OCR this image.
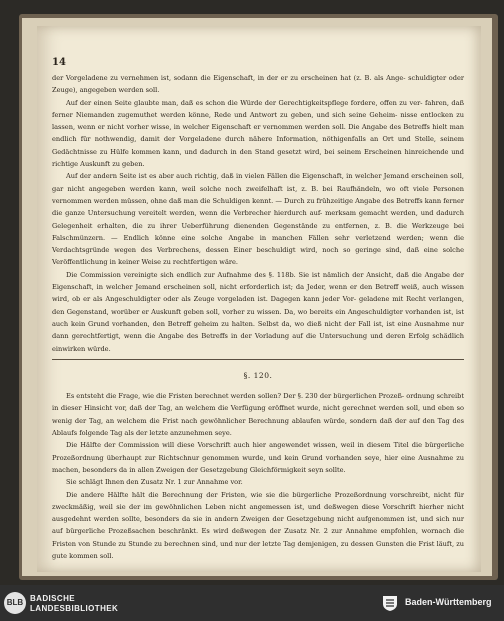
14

der Vorgeladene zu vernehmen ist, sodann die Eigenschaft, in der er zu erscheinen hat (z. B. als Ange- schuldigter oder Zeuge), angegeben werden soll.

Auf der einen Seite glaubte man, daß es schon die Würde der Gerechtigkeitspflege fordere, offen zu ver- fahren, daß ferner Niemanden zugemuthet werden könne, Rede und Antwort zu geben, und sich seine Geheim- nisse entlocken zu lassen, wenn er nicht vorher wisse, in welcher Eigenschaft er vernommen werden soll. Die Angabe des Betreffs hielt man endlich für nothwendig, damit der Vorgeladene durch nähere Information, nöthigenfalls an Ort und Stelle, seinem Gedächtnisse zu Hülfe kommen kann, und dadurch in den Stand gesetzt wird, bei seinem Erscheinen hinreichende und richtige Auskunft zu geben.

Auf der andern Seite ist es aber auch richtig, daß in vielen Fällen die Eigenschaft, in welcher Jemand erscheinen soll, gar nicht angegeben werden kann, weil solche noch zweifelhaft ist, z. B. bei Raufhändeln, wo oft viele Personen vernommen werden müssen, ohne daß man die Schuldigen kennt. — Durch zu frühzeitige Angabe des Betreffs kann ferner die ganze Untersuchung vereitelt werden, wenn die Verbrecher hierdurch auf- merksam gemacht werden, und dadurch Gelegenheit erhalten, die zu ihrer Ueberführung dienenden Gegenstände zu entfernen, z. B. die Werkzeuge bei Falschmünzern. — Endlich könne eine solche Angabe in manchen Fällen sehr verletzend werden; wenn die Verdachtsgründe wegen des Verbrechens, dessen Einer beschuldigt wird, noch so geringe sind, daß eine solche Veröffentlichung in keiner Weise zu rechtfertigen wäre.

Die Commission vereinigte sich endlich zur Aufnahme des §. 118b. Sie ist nämlich der Ansicht, daß die Angabe der Eigenschaft, in welcher Jemand erscheinen soll, nicht erforderlich ist; da Jeder, wenn er den Betreff weiß, auch wissen wird, ob er als Angeschuldigter oder als Zeuge vorgeladen ist. Dagegen kann jeder Vor- geladene mit Recht verlangen, den Gegenstand, worüber er Auskunft geben soll, vorher zu wissen. Da, wo bereits ein Angeschuldigter vorhanden ist, ist auch kein Grund vorhanden, den Betreff geheim zu halten. Selbst da, wo dieß nicht der Fall ist, ist eine Ausnahme nur dann gerechtfertigt, wenn die Angabe des Betreffs in der Vorladung auf die Untersuchung und deren Erfolg schädlich einwirken würde.

§. 120.

Es entsteht die Frage, wie die Fristen berechnet werden sollen? Der §. 230 der bürgerlichen Prozeß- ordnung schreibt in dieser Hinsicht vor, daß der Tag, an welchem die Verfügung eröffnet wurde, nicht gerechnet werden soll, und eben so wenig der Tag, an welchem die Frist nach gewöhnlicher Berechnung ablaufen würde, sondern daß der auf den Tag des Ablaufs folgende Tag als der letzte anzunehmen seye.

Die Hälfte der Commission will diese Vorschrift auch hier angewendet wissen, weil in diesem Titel die bürgerliche Prozeßordnung überhaupt zur Richtschnur genommen wurde, und kein Grund vorhanden seye, hier eine Ausnahme zu machen, besonders da in allen Zweigen der Gesetzgebung Gleichförmigkeit seyn sollte.

Sie schlägt Ihnen den Zusatz Nr. 1 zur Annahme vor.

Die andere Hälfte hält die Berechnung der Fristen, wie sie die bürgerliche Prozeßordnung vorschreibt, nicht für zweckmäßig, weil sie der im gewöhnlichen Leben nicht angemessen ist, und deßwegen diese Vorschrift hierher nicht ausgedehnt werden sollte, besonders da sie in andern Zweigen der Gesetzgebung nicht aufgenommen ist, und sich nur auf bürgerliche Prozeßsachen beschränkt. Es wird deßwegen der Zusatz Nr. 2 zur Annahme empfohlen, wornach die Fristen von Stunde zu Stunde zu berechnen sind, und nur der letzte Tag demjenigen, zu dessen Gunsten die Frist läuft, zu gute kommen soll.

BLB BADISCHE
LANDESBIBLIOTHEK
Baden-Württemberg
